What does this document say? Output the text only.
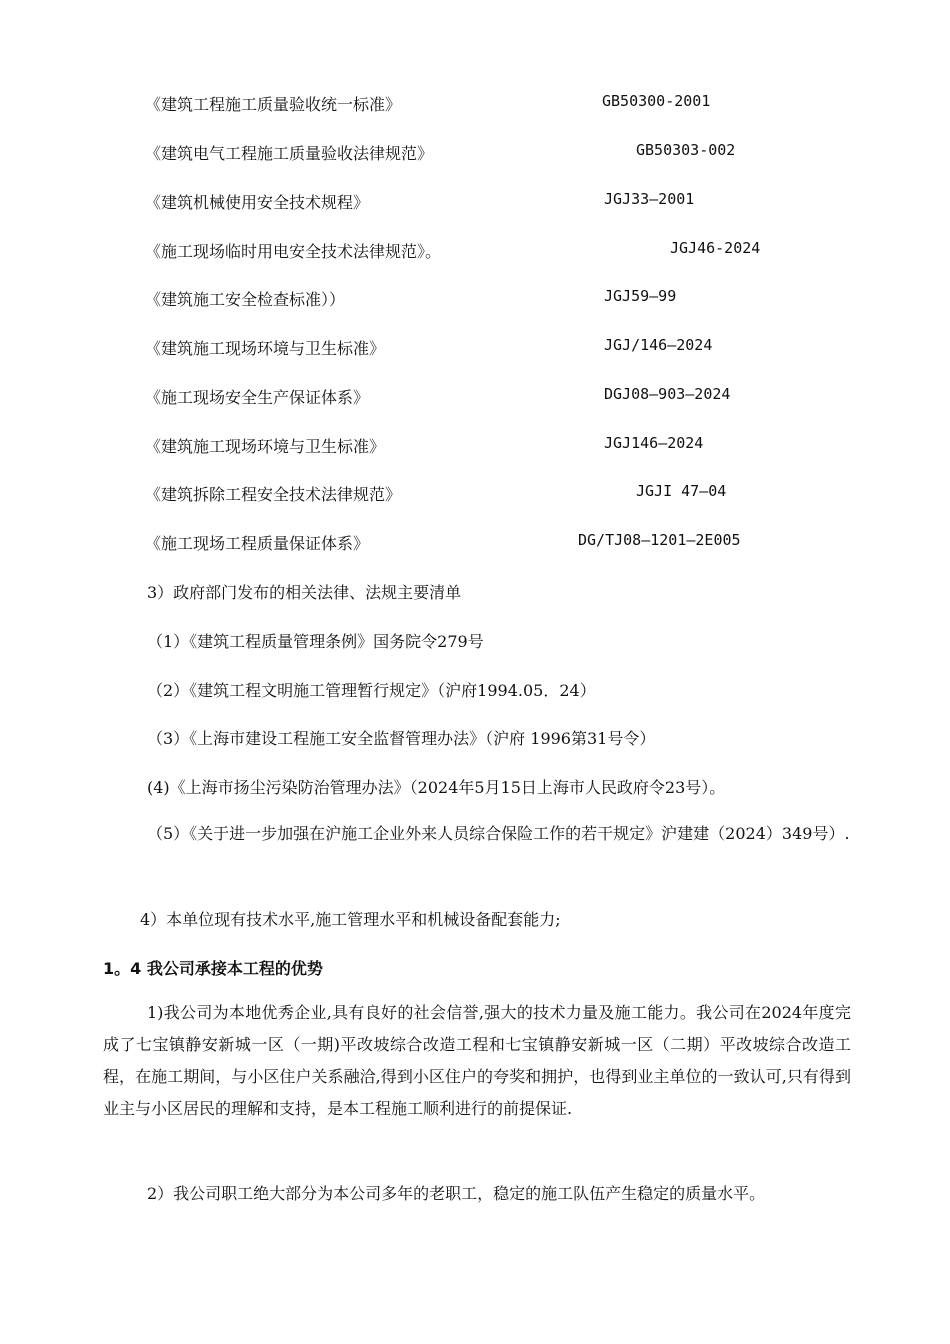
《建筑工程施工质量验收统一标准》	GB50300-2001
《建筑电气工程施工质量验收法律规范》	GB50303-002
《建筑机械使用安全技术规程》	JGJ33—2001
《施工现场临时用电安全技术法律规范》。	JGJ46-2024
《建筑施工安全检查标准））	JGJ59—99
《建筑施工现场环境与卫生标准》	JGJ/146—2024
《施工现场安全生产保证体系》	DGJ08—903—2024
《建筑施工现场环境与卫生标准》	JGJ146—2024
《建筑拆除工程安全技术法律规范》	JGJI 47—04
《施工现场工程质量保证体系》	DG/TJ08—1201—2E005
3）政府部门发布的相关法律、法规主要清单
（1）《建筑工程质量管理条例》国务院令279号
（2）《建筑工程文明施工管理暂行规定》（沪府1994.05．24）
（3）《上海市建设工程施工安全监督管理办法》（沪府 1996第31号令）
(4)《上海市扬尘污染防治管理办法》（2024年5月15日上海市人民政府令23号）。
（5）《关于进一步加强在沪施工企业外来人员综合保险工作的若干规定》沪建建（2024）349号）.
4）本单位现有技术水平,施工管理水平和机械设备配套能力;
1。4 我公司承接本工程的优势
1)我公司为本地优秀企业,具有良好的社会信誉,强大的技术力量及施工能力。我公司在2024年度完成了七宝镇静安新城一区（一期)平改坡综合改造工程和七宝镇静安新城一区（二期）平改坡综合改造工程，在施工期间，与小区住户关系融洽,得到小区住户的夸奖和拥护，也得到业主单位的一致认可,只有得到业主与小区居民的理解和支持，是本工程施工顺利进行的前提保证.
2）我公司职工绝大部分为本公司多年的老职工，稳定的施工队伍产生稳定的质量水平。
